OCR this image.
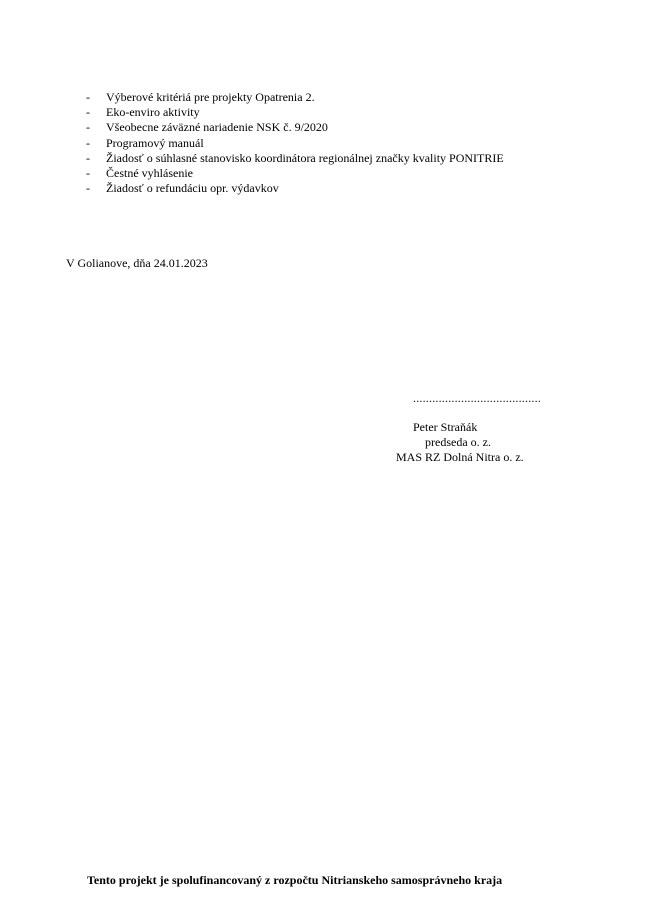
- Výberové kritériá pre projekty Opatrenia 2.
- Eko-enviro aktivity
- Všeobecne záväzné nariadenie NSK č. 9/2020
- Programový manuál
- Žiadosť o súhlasné stanovisko koordinátora regionálnej značky kvality PONITRIE
- Čestné vyhlásenie
- Žiadosť o refundáciu opr. výdavkov
V Golianove, dňa 24.01.2023
........................................
Peter Straňák
predseda o. z.
MAS RZ Dolná Nitra o. z.
Tento projekt je spolufinancovaný z rozpočtu Nitrianskeho samosprávneho kraja
